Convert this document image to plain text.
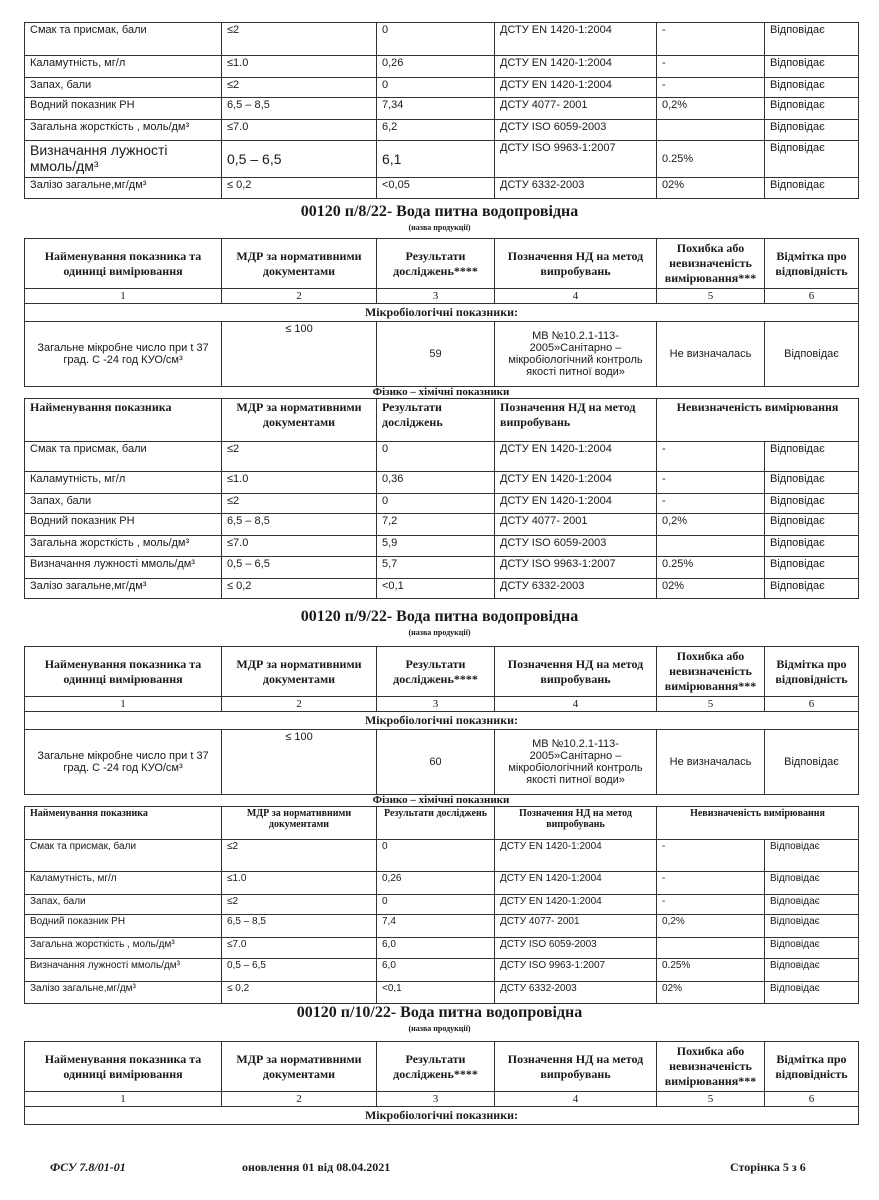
Смак та присмак, бали	≤2	0	ДСТУ EN 1420-1:2004	-	Відповідає
Каламутність, мг/л	≤1.0	0,26	ДСТУ EN 1420-1:2004	-	Відповідає
Запах, бали	≤2	0	ДСТУ EN 1420-1:2004	-	Відповідає
Водний показник РН	6,5 – 8,5	7,34	ДСТУ 4077- 2001	0,2%	Відповідає
Загальна жорсткість , моль/дм³	≤7.0	6,2	ДСТУ ISO 6059-2003		Відповідає
Визначання лужності ммоль/дм³	0,5 – 6,5	6,1	ДСТУ ISO 9963-1:2007	0.25%	Відповідає
Залізо загальне,мг/дм³	≤ 0,2	<0,05	ДСТУ 6332-2003	02%	Відповідає
00120 п/8/22- Вода питна водопровідна
(назва продукції)
Найменування показника та одиниці вимірювання	МДР за нормативними документами	Результати досліджень****	Позначення НД на метод випробувань	Похибка або невизначеність вимірювання***	Відмітка про відповідність
1	2	3	4	5	6
Мікробіологічні показники:					
Загальне мікробне число при t 37 град. С -24 год КУО/см³	≤ 100	59	МВ №10.2.1-113-2005»Санітарно – мікробіологічний контроль якості питної води»	Не визначалась	Відповідає
Фізико – хімічні показники
Найменування показника	МДР за нормативними документами	Результати досліджень	Позначення НД на метод випробувань	Невизначеність вимірювання	
Смак та присмак, бали	≤2	0	ДСТУ EN 1420-1:2004	-	Відповідає
Каламутність, мг/л	≤1.0	0,36	ДСТУ EN 1420-1:2004	-	Відповідає
Запах, бали	≤2	0	ДСТУ EN 1420-1:2004	-	Відповідає
Водний показник РН	6,5 – 8,5	7,2	ДСТУ 4077- 2001	0,2%	Відповідає
Загальна жорсткість , моль/дм³	≤7.0	5,9	ДСТУ ISO 6059-2003		Відповідає
Визначання лужності ммоль/дм³	0,5 – 6,5	5,7	ДСТУ ISO 9963-1:2007	0.25%	Відповідає
Залізо загальне,мг/дм³	≤ 0,2	<0,1	ДСТУ 6332-2003	02%	Відповідає
00120 п/9/22- Вода питна водопровідна
(назва продукції)
Найменування показника та одиниці вимірювання	МДР за нормативними документами	Результати досліджень****	Позначення НД на метод випробувань	Похибка або невизначеність вимірювання***	Відмітка про відповідність
1	2	3	4	5	6
Мікробіологічні показники:					
Загальне мікробне число при t 37 град. С -24 год КУО/см³	≤ 100	60	МВ №10.2.1-113-2005»Санітарно – мікробіологічний контроль якості питної води»	Не визначалась	Відповідає
Фізико – хімічні показники
Найменування показника	МДР за нормативними документами	Результати досліджень	Позначення НД на метод випробувань	Невизначеність вимірювання	
Смак та присмак, бали	≤2	0	ДСТУ EN 1420-1:2004	-	Відповідає
Каламутність, мг/л	≤1.0	0,26	ДСТУ EN 1420-1:2004	-	Відповідає
Запах, бали	≤2	0	ДСТУ EN 1420-1:2004	-	Відповідає
Водний показник РН	6,5 – 8,5	7,4	ДСТУ 4077- 2001	0,2%	Відповідає
Загальна жорсткість , моль/дм³	≤7.0	6,0	ДСТУ ISO 6059-2003		Відповідає
Визначання лужності ммоль/дм³	0,5 – 6,5	6,0	ДСТУ ISO 9963-1:2007	0.25%	Відповідає
Залізо загальне,мг/дм³	≤ 0,2	<0,1	ДСТУ 6332-2003	02%	Відповідає
00120 п/10/22- Вода питна водопровідна
(назва продукції)
Найменування показника та одиниці вимірювання	МДР за нормативними документами	Результати досліджень****	Позначення НД на метод випробувань	Похибка або невизначеність вимірювання***	Відмітка про відповідність
1	2	3	4	5	6
Мікробіологічні показники:					
ФСУ 7.8/01-01	оновлення 01 від 08.04.2021	Сторінка 5 з 6
